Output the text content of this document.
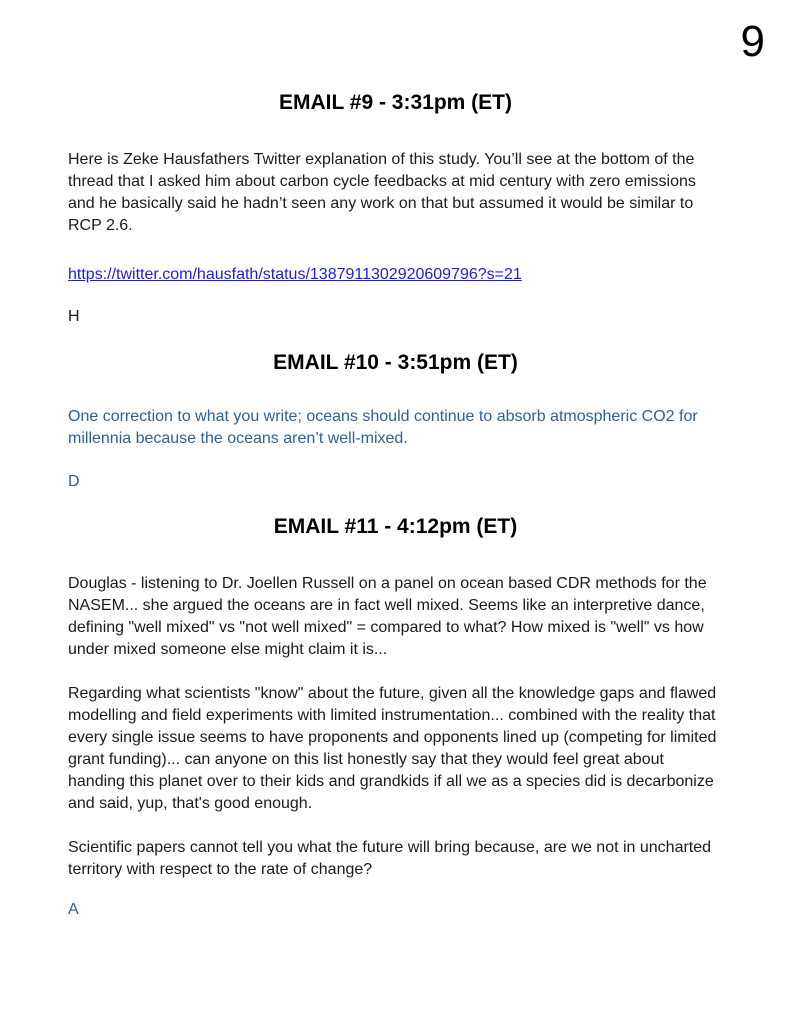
9
EMAIL #9 - 3:31pm (ET)

Here is Zeke Hausfathers Twitter explanation of this study. You’ll see at the bottom of the thread that I asked him about carbon cycle feedbacks at mid century with zero emissions and he basically said he hadn’t seen any work on that but assumed it would be similar to RCP 2.6.

https://twitter.com/hausfath/status/1387911302920609796?s=21

H

EMAIL #10 - 3:51pm (ET)

One correction to what you write; oceans should continue to absorb atmospheric CO2 for millennia because the oceans aren’t well-mixed.

D

EMAIL #11 - 4:12pm (ET)

Douglas - listening to Dr. Joellen Russell on a panel on ocean based CDR methods for the NASEM... she argued the oceans are in fact well mixed. Seems like an interpretive dance, defining "well mixed" vs "not well mixed" = compared to what? How mixed is "well" vs how under mixed someone else might claim it is...

Regarding what scientists "know" about the future, given all the knowledge gaps and flawed modelling and field experiments with limited instrumentation... combined with the reality that every single issue seems to have proponents and opponents lined up (competing for limited grant funding)... can anyone on this list honestly say that they would feel great about handing this planet over to their kids and grandkids if all we as a species did is decarbonize and said, yup, that's good enough.

Scientific papers cannot tell you what the future will bring because, are we not in uncharted territory with respect to the rate of change?

A
